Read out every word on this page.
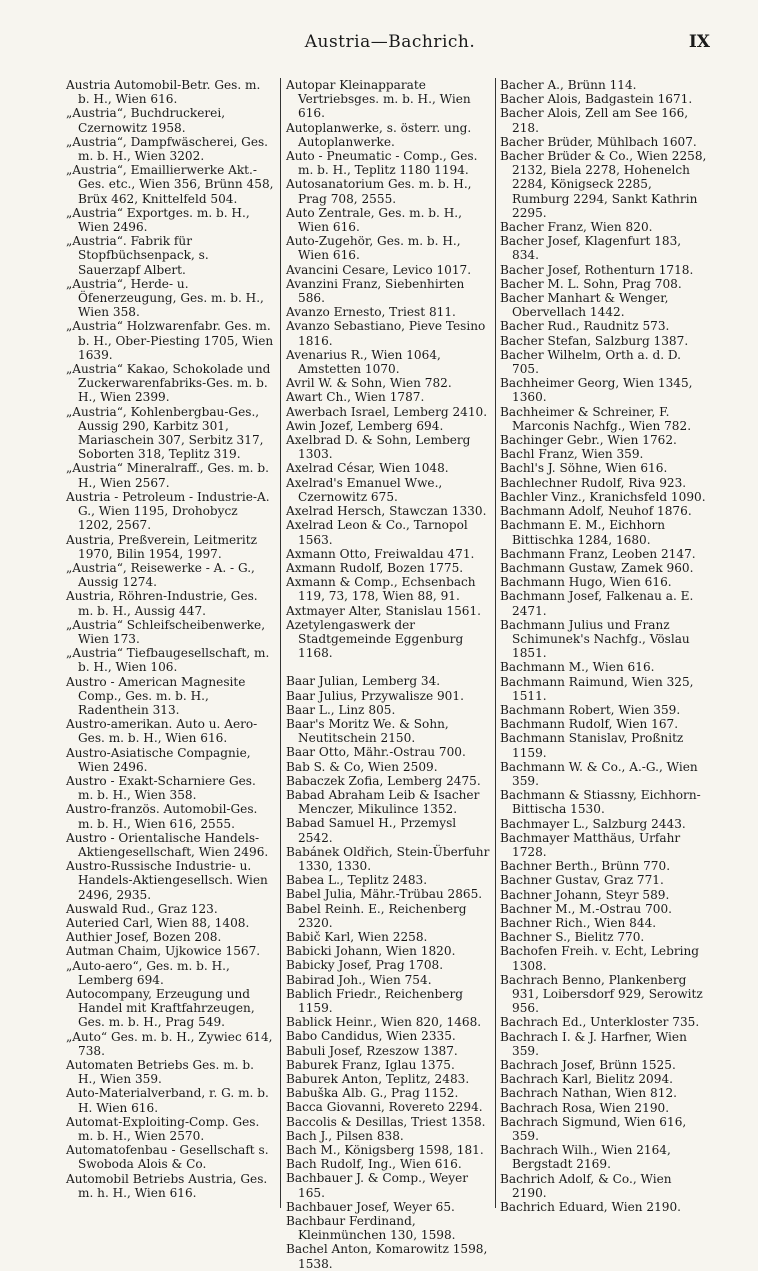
Austria—Bachrich.	IX

Austria Automobil-Betr. Ges. m. b. H., Wien 616.

„Austria“, Buchdruckerei, Czernowitz 1958.

„Austria“, Dampfwäscherei, Ges. m. b. H., Wien 3202.

„Austria“, Emaillierwerke Akt.-Ges. etc., Wien 356, Brünn 458, Brüx 462, Knittelfeld 504.

„Austria“ Exportges. m. b. H., Wien 2496.

„Austria“. Fabrik für Stopfbüchsenpack, s. Sauerzapf Albert.

„Austria“, Herde- u. Öfenerzeugung, Ges. m. b. H., Wien 358.

„Austria“ Holzwarenfabr. Ges. m. b. H., Ober-Piesting 1705, Wien 1639.

„Austria“ Kakao, Schokolade und Zuckerwarenfabriks-Ges. m. b. H., Wien 2399.

„Austria“, Kohlenbergbau-Ges., Aussig 290, Karbitz 301, Mariaschein 307, Serbitz 317, Soborten 318, Teplitz 319.

„Austria“ Mineralraff., Ges. m. b. H., Wien 2567.

Austria - Petroleum - Industrie-A. G., Wien 1195, Drohobycz 1202, 2567.

Austria, Preßverein, Leitmeritz 1970, Bilin 1954, 1997.

„Austria“, Reisewerke - A. - G., Aussig 1274.

Austria, Röhren-Industrie, Ges. m. b. H., Aussig 447.

„Austria“ Schleifscheibenwerke, Wien 173.

„Austria“ Tiefbaugesellschaft, m. b. H., Wien 106.

Austro - American Magnesite Comp., Ges. m. b. H., Radenthein 313.

Austro-amerikan. Auto u. Aero-Ges. m. b. H., Wien 616.

Austro-Asiatische Compagnie, Wien 2496.

Austro - Exakt-Scharniere Ges. m. b. H., Wien 358.

Austro-französ. Automobil-Ges. m. b. H., Wien 616, 2555.

Austro - Orientalische Handels-Aktiengesellschaft, Wien 2496.

Austro-Russische Industrie- u. Handels-Aktiengesellsch. Wien 2496, 2935.

Auswald Rud., Graz 123.

Auteried Carl, Wien 88, 1408.

Authier Josef, Bozen 208.

Autman Chaim, Ujkowice 1567.

„Auto-aero“, Ges. m. b. H., Lemberg 694.

Autocompany, Erzeugung und Handel mit Kraftfahrzeugen, Ges. m. b. H., Prag 549.

„Auto“ Ges. m. b. H., Zywiec 614, 738.

Automaten Betriebs Ges. m. b. H., Wien 359.

Auto-Materialverband, r. G. m. b. H. Wien 616.

Automat-Exploiting-Comp. Ges. m. b. H., Wien 2570.

Automatofenbau - Gesellschaft s. Swoboda Alois & Co.

Automobil Betriebs Austria, Ges. m. h. H., Wien 616.

Autopar Kleinapparate Vertriebsges. m. b. H., Wien 616.

Autoplanwerke, s. österr. ung. Autoplanwerke.

Auto - Pneumatic - Comp., Ges. m. b. H., Teplitz 1180 1194.

Autosanatorium Ges. m. b. H., Prag 708, 2555.

Auto Zentrale, Ges. m. b. H., Wien 616.

Auto-Zugehör, Ges. m. b. H., Wien 616.

Avancini Cesare, Levico 1017.

Avanzini Franz, Siebenhirten 586.

Avanzo Ernesto, Triest 811.

Avanzo Sebastiano, Pieve Tesino 1816.

Avenarius R., Wien 1064, Amstetten 1070.

Avril W. & Sohn, Wien 782.

Awart Ch., Wien 1787.

Awerbach Israel, Lemberg 2410.

Awin Jozef, Lemberg 694.

Axelbrad D. & Sohn, Lemberg 1303.

Axelrad César, Wien 1048.

Axelrad's Emanuel Wwe., Czernowitz 675.

Axelrad Hersch, Stawczan 1330.

Axelrad Leon & Co., Tarnopol 1563.

Axmann Otto, Freiwaldau 471.

Axmann Rudolf, Bozen 1775.

Axmann & Comp., Echsenbach 119, 73, 178, Wien 88, 91.

Axtmayer Alter, Stanislau 1561.

Azetylengaswerk der Stadtgemeinde Eggenburg 1168.

Baar Julian, Lemberg 34.

Baar Julius, Przywalisze 901.

Baar L., Linz 805.

Baar's Moritz We. & Sohn, Neutitschein 2150.

Baar Otto, Mähr.-Ostrau 700.

Bab S. & Co, Wien 2509.

Babaczek Zofia, Lemberg 2475.

Babad Abraham Leib & Isacher Menczer, Mikulince 1352.

Babad Samuel H., Przemysl 2542.

Babánek Oldřich, Stein-Überfuhr 1330, 1330.

Babea L., Teplitz 2483.

Babel Julia, Mähr.-Trübau 2865.

Babel Reinh. E., Reichenberg 2320.

Babič Karl, Wien 2258.

Babicki Johann, Wien 1820.

Babicky Josef, Prag 1708.

Babirad Joh., Wien 754.

Bablich Friedr., Reichenberg 1159.

Bablick Heinr., Wien 820, 1468.

Babo Candidus, Wien 2335.

Babuli Josef, Rzeszow 1387.

Baburek Franz, Iglau 1375.

Baburek Anton, Teplitz, 2483.

Babuška Alb. G., Prag 1152.

Bacca Giovanni, Rovereto 2294.

Baccolis & Desillas, Triest 1358.

Bach J., Pilsen 838.

Bach M., Königsberg 1598, 181.

Bach Rudolf, Ing., Wien 616.

Bachbauer J. & Comp., Weyer 165.

Bachbauer Josef, Weyer 65.

Bachbaur Ferdinand, Kleinmünchen 130, 1598.

Bachel Anton, Komarowitz 1598, 1538.

Bacher A., Brünn 114.

Bacher Alois, Badgastein 1671.

Bacher Alois, Zell am See 166, 218.

Bacher Brüder, Mühlbach 1607.

Bacher Brüder & Co., Wien 2258, 2132, Biela 2278, Hohenelch 2284, Königseck 2285, Rumburg 2294, Sankt Kathrin 2295.

Bacher Franz, Wien 820.

Bacher Josef, Klagenfurt 183, 834.

Bacher Josef, Rothenturn 1718.

Bacher M. L. Sohn, Prag 708.

Bacher Manhart & Wenger, Obervellach 1442.

Bacher Rud., Raudnitz 573.

Bacher Stefan, Salzburg 1387.

Bacher Wilhelm, Orth a. d. D. 705.

Bachheimer Georg, Wien 1345, 1360.

Bachheimer & Schreiner, F. Marconis Nachfg., Wien 782.

Bachinger Gebr., Wien 1762.

Bachl Franz, Wien 359.

Bachl's J. Söhne, Wien 616.

Bachlechner Rudolf, Riva 923.

Bachler Vinz., Kranichsfeld 1090.

Bachmann Adolf, Neuhof 1876.

Bachmann E. M., Eichhorn Bittischka 1284, 1680.

Bachmann Franz, Leoben 2147.

Bachmann Gustaw, Zamek 960.

Bachmann Hugo, Wien 616.

Bachmann Josef, Falkenau a. E. 2471.

Bachmann Julius und Franz Schimunek's Nachfg., Vöslau 1851.

Bachmann M., Wien 616.

Bachmann Raimund, Wien 325, 1511.

Bachmann Robert, Wien 359.

Bachmann Rudolf, Wien 167.

Bachmann Stanislav, Proßnitz 1159.

Bachmann W. & Co., A.-G., Wien 359.

Bachmann & Stiassny, Eichhorn-Bittischa 1530.

Bachmayer L., Salzburg 2443.

Bachmayer Matthäus, Urfahr 1728.

Bachner Berth., Brünn 770.

Bachner Gustav, Graz 771.

Bachner Johann, Steyr 589.

Bachner M., M.-Ostrau 700.

Bachner Rich., Wien 844.

Bachner S., Bielitz 770.

Bachofen Freih. v. Echt, Lebring 1308.

Bachrach Benno, Plankenberg 931, Loibersdorf 929, Serowitz 956.

Bachrach Ed., Unterkloster 735.

Bachrach I. & J. Harfner, Wien 359.

Bachrach Josef, Brünn 1525.

Bachrach Karl, Bielitz 2094.

Bachrach Nathan, Wien 812.

Bachrach Rosa, Wien 2190.

Bachrach Sigmund, Wien 616, 359.

Bachrach Wilh., Wien 2164, Bergstadt 2169.

Bachrich Adolf, & Co., Wien 2190.

Bachrich Eduard, Wien 2190.
